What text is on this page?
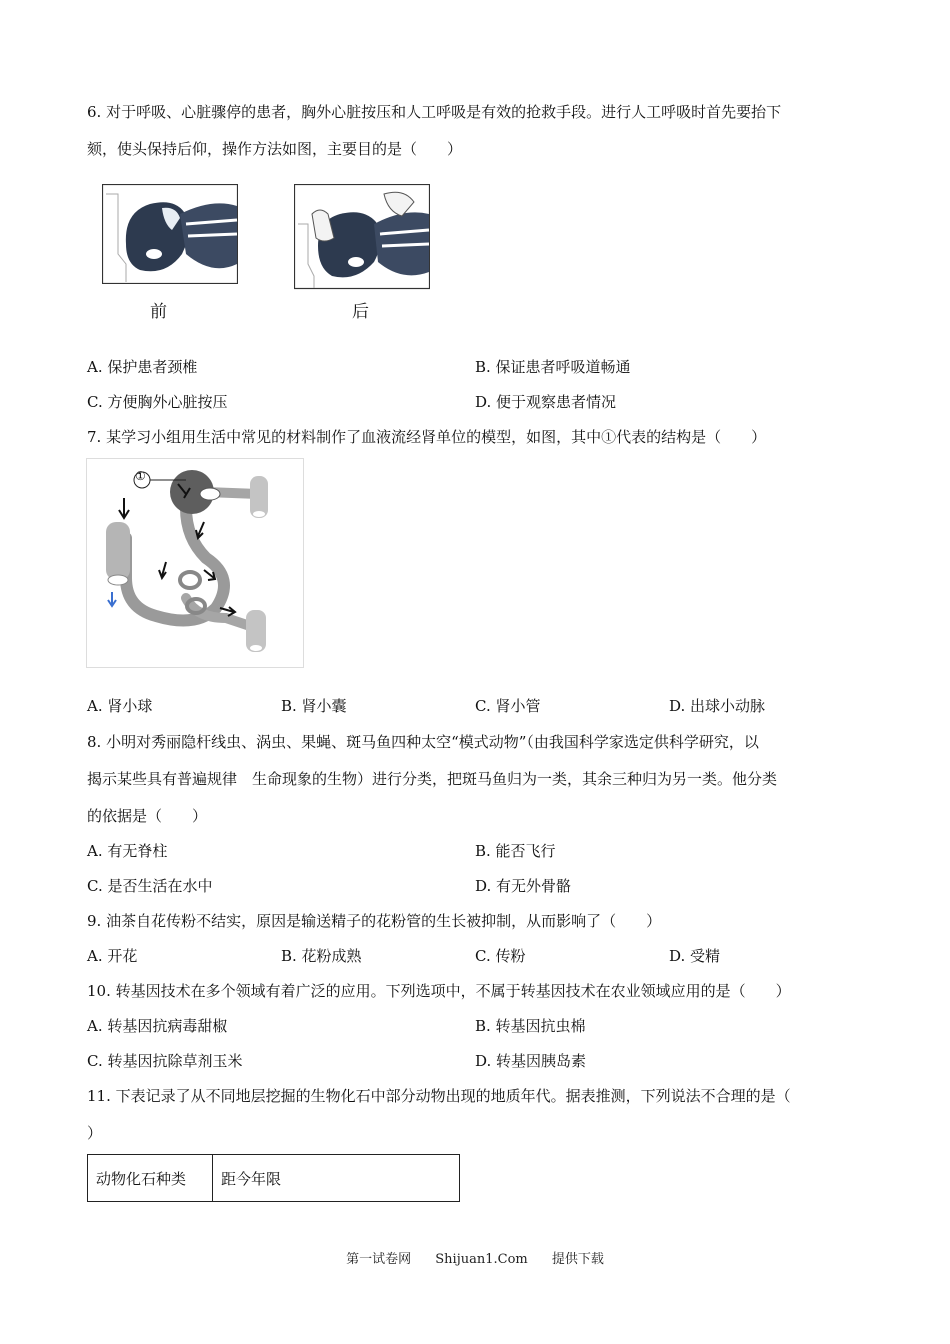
6. 对于呼吸、心脏骤停的患者，胸外心脏按压和人工呼吸是有效的抢救手段。进行人工呼吸时首先要抬下
颏，使头保持后仰，操作方法如图，主要目的是（　　）
前	后
A. 保护患者颈椎	B. 保证患者呼吸道畅通
C. 方便胸外心脏按压	D. 便于观察患者情况
7. 某学习小组用生活中常见的材料制作了血液流经肾单位的模型，如图，其中①代表的结构是（　　）
①
A. 肾小球	B. 肾小囊	C. 肾小管	D. 出球小动脉
8. 小明对秀丽隐杆线虫、涡虫、果蝇、斑马鱼四种太空“模式动物”（由我国科学家选定供科学研究，以
揭示某些具有普遍规律　生命现象的生物）进行分类，把斑马鱼归为一类，其余三种归为另一类。他分类
的依据是（　　）
A. 有无脊柱	B. 能否飞行
C. 是否生活在水中	D. 有无外骨骼
9. 油茶自花传粉不结实，原因是输送精子的花粉管的生长被抑制，从而影响了（　　）
A. 开花	B. 花粉成熟	C. 传粉	D. 受精
10. 转基因技术在多个领域有着广泛的应用。下列选项中，不属于转基因技术在农业领域应用的是（　　）
A. 转基因抗病毒甜椒	B. 转基因抗虫棉
C. 转基因抗除草剂玉米	D. 转基因胰岛素
11. 下表记录了从不同地层挖掘的生物化石中部分动物出现的地质年代。据表推测，下列说法不合理的是（
）
动物化石种类	距今年限
第一试卷网 Shijuan1.Com 提供下载
